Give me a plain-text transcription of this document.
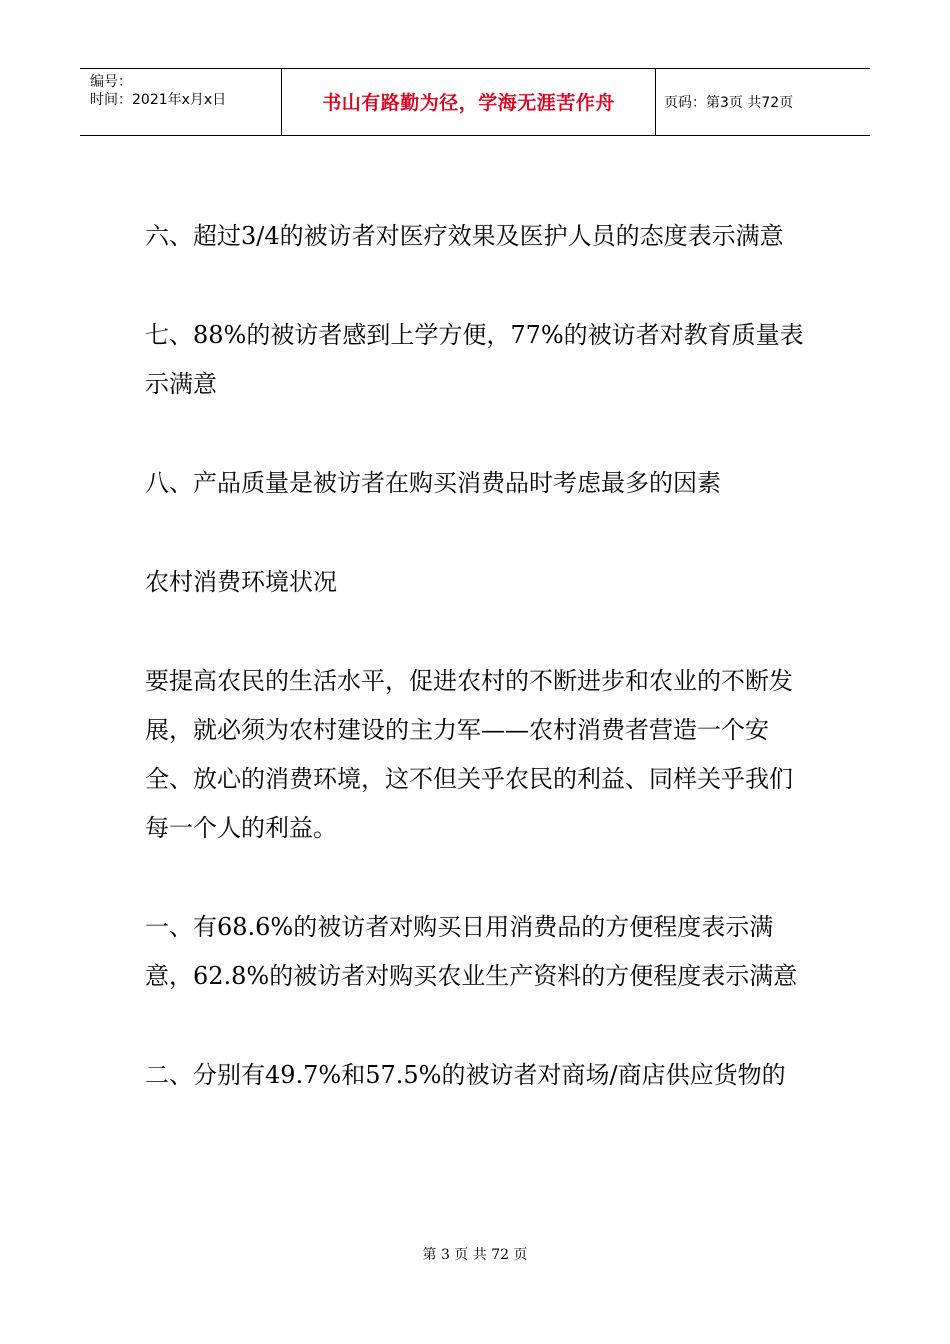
编号：
时间：2021年x月x日	书山有路勤为径，学海无涯苦作舟	页码：第3页 共72页

六、超过3/4的被访者对医疗效果及医护人员的态度表示满意

七、88%的被访者感到上学方便，77%的被访者对教育质量表示满意

八、产品质量是被访者在购买消费品时考虑最多的因素

农村消费环境状况

要提高农民的生活水平，促进农村的不断进步和农业的不断发展，就必须为农村建设的主力军——农村消费者营造一个安全、放心的消费环境，这不但关乎农民的利益、同样关乎我们每一个人的利益。

一、有68.6%的被访者对购买日用消费品的方便程度表示满意，62.8%的被访者对购买农业生产资料的方便程度表示满意

二、分别有49.7%和57.5%的被访者对商场/商店供应货物的

第 3 页 共 72 页
